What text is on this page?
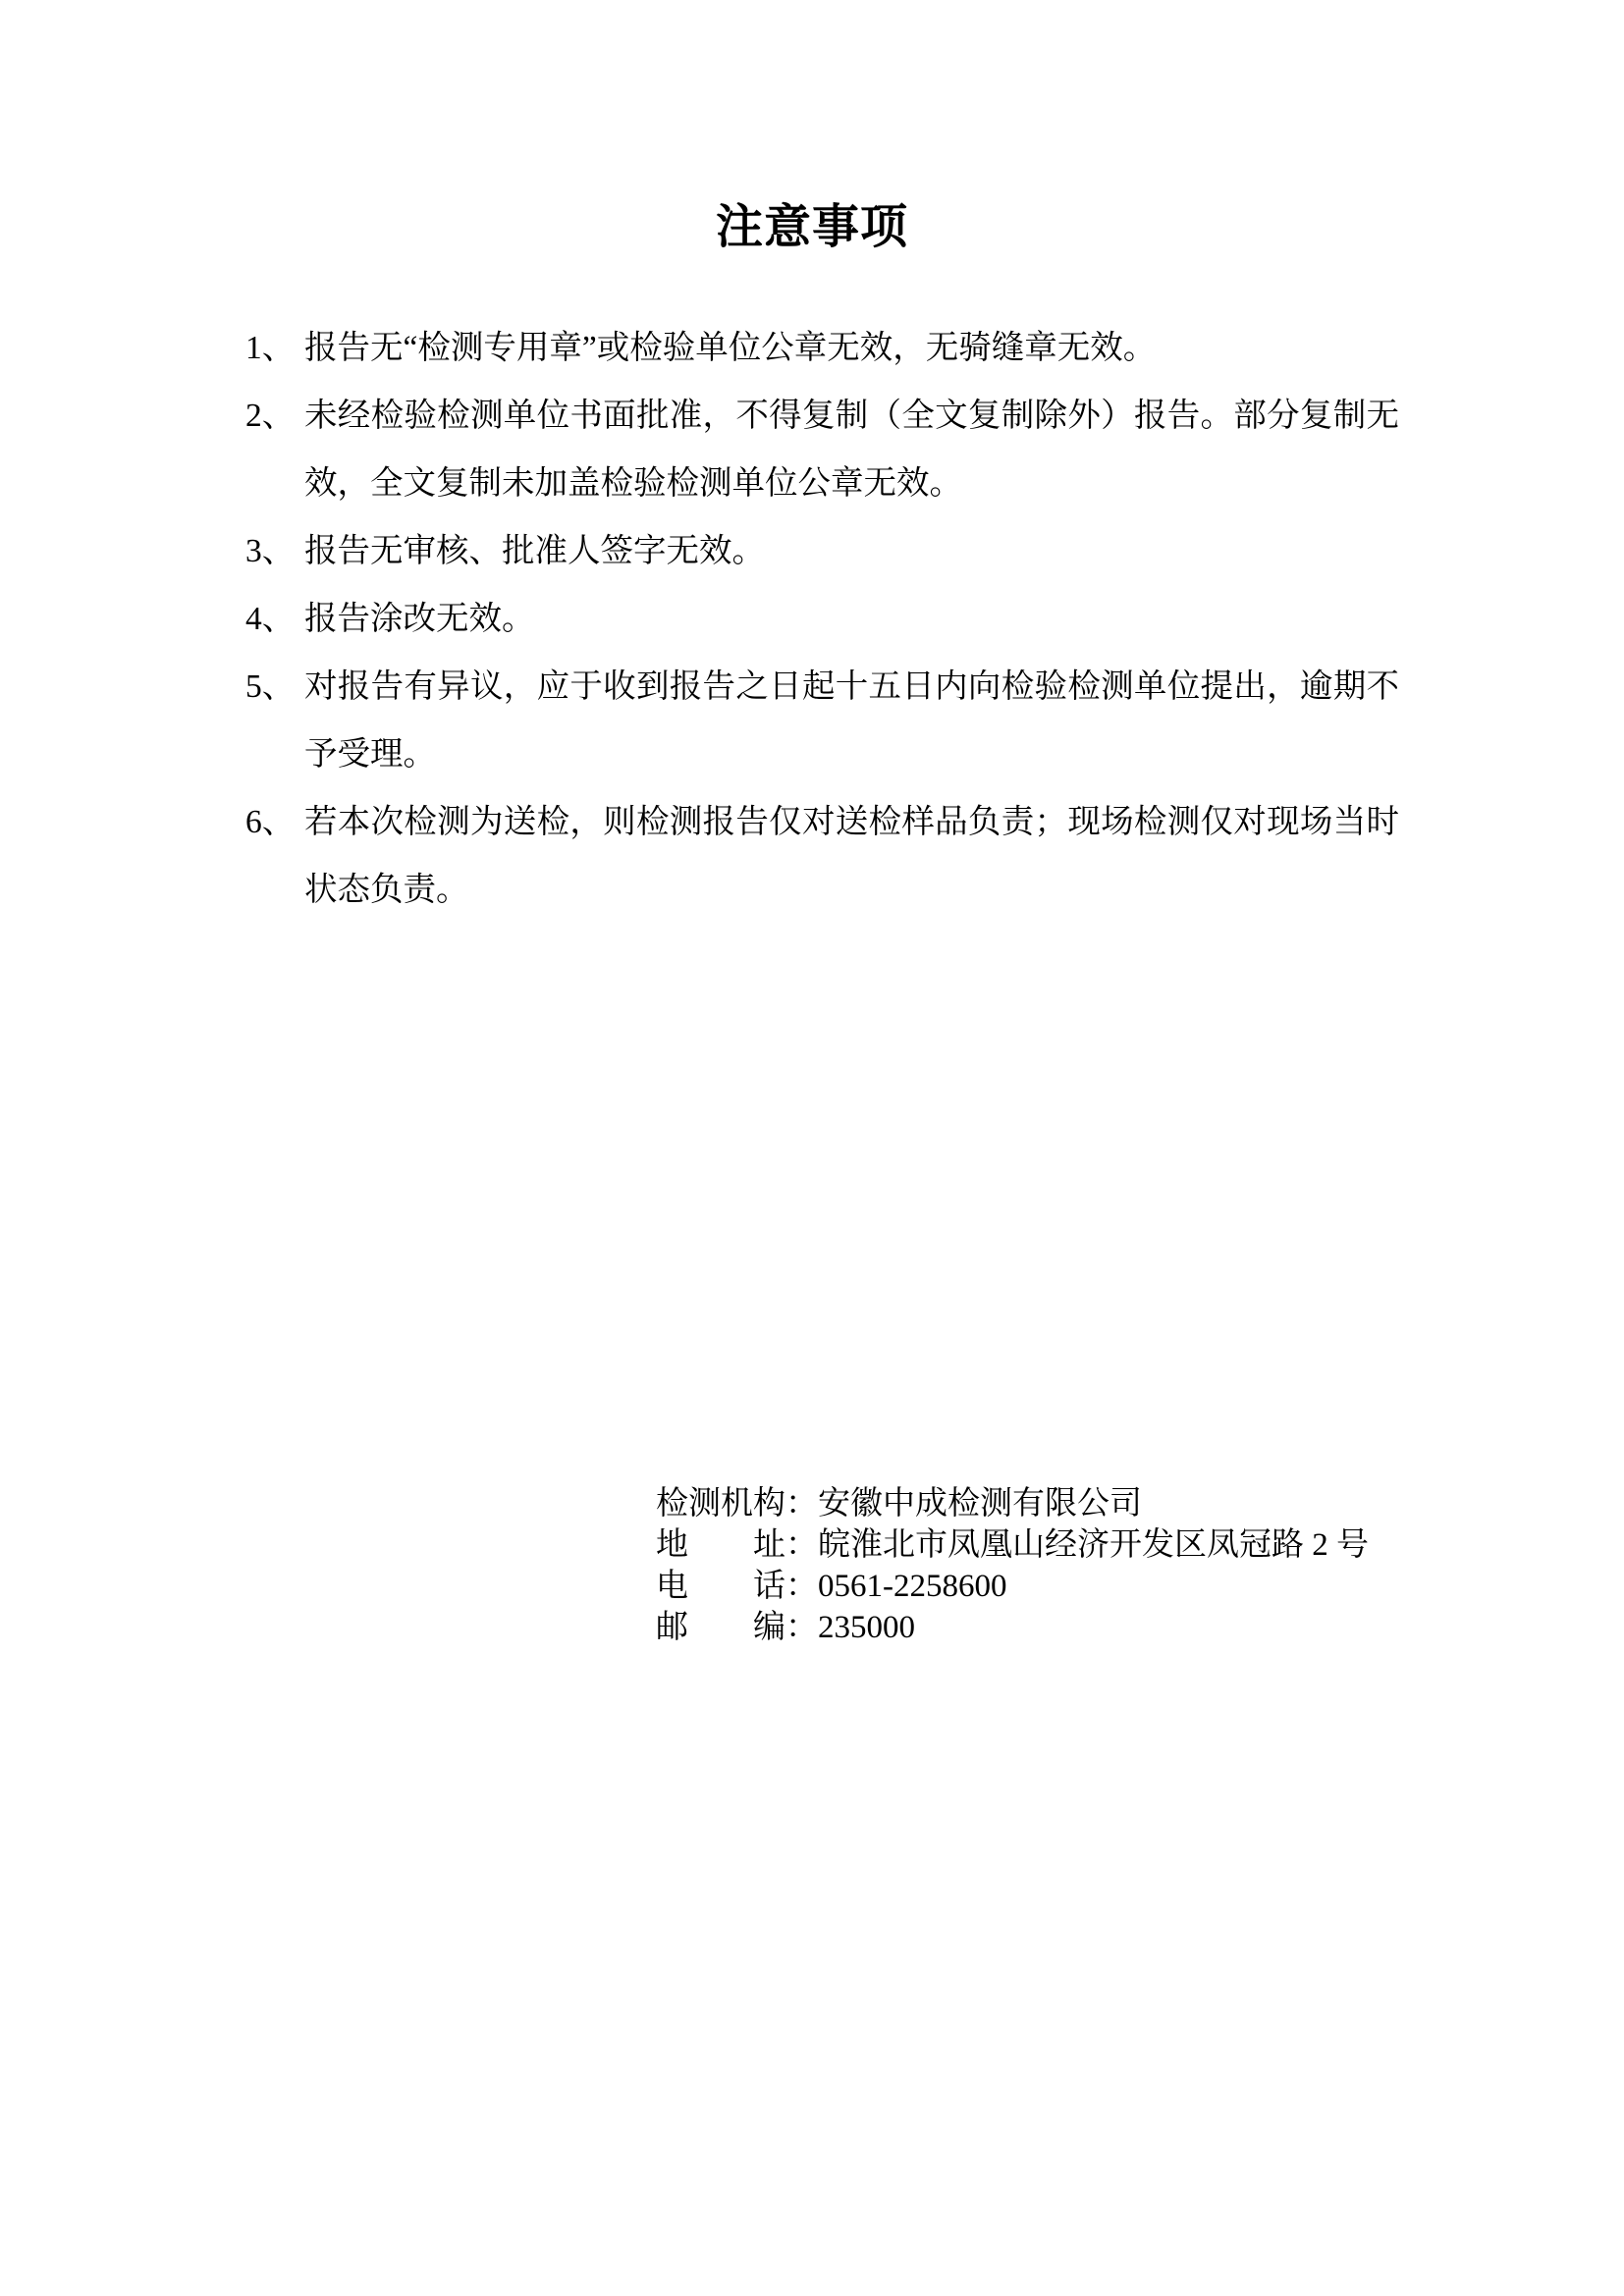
注意事项
1、 报告无“检测专用章”或检验单位公章无效，无骑缝章无效。
2、 未经检验检测单位书面批准，不得复制（全文复制除外）报告。部分复制无效，全文复制未加盖检验检测单位公章无效。
3、 报告无审核、批准人签字无效。
4、 报告涂改无效。
5、 对报告有异议，应于收到报告之日起十五日内向检验检测单位提出，逾期不予受理。
6、 若本次检测为送检，则检测报告仅对送检样品负责；现场检测仅对现场当时状态负责。
检测机构：安徽中成检测有限公司
地址：皖淮北市凤凰山经济开发区凤冠路 2 号
电话：0561-2258600
邮编：235000
